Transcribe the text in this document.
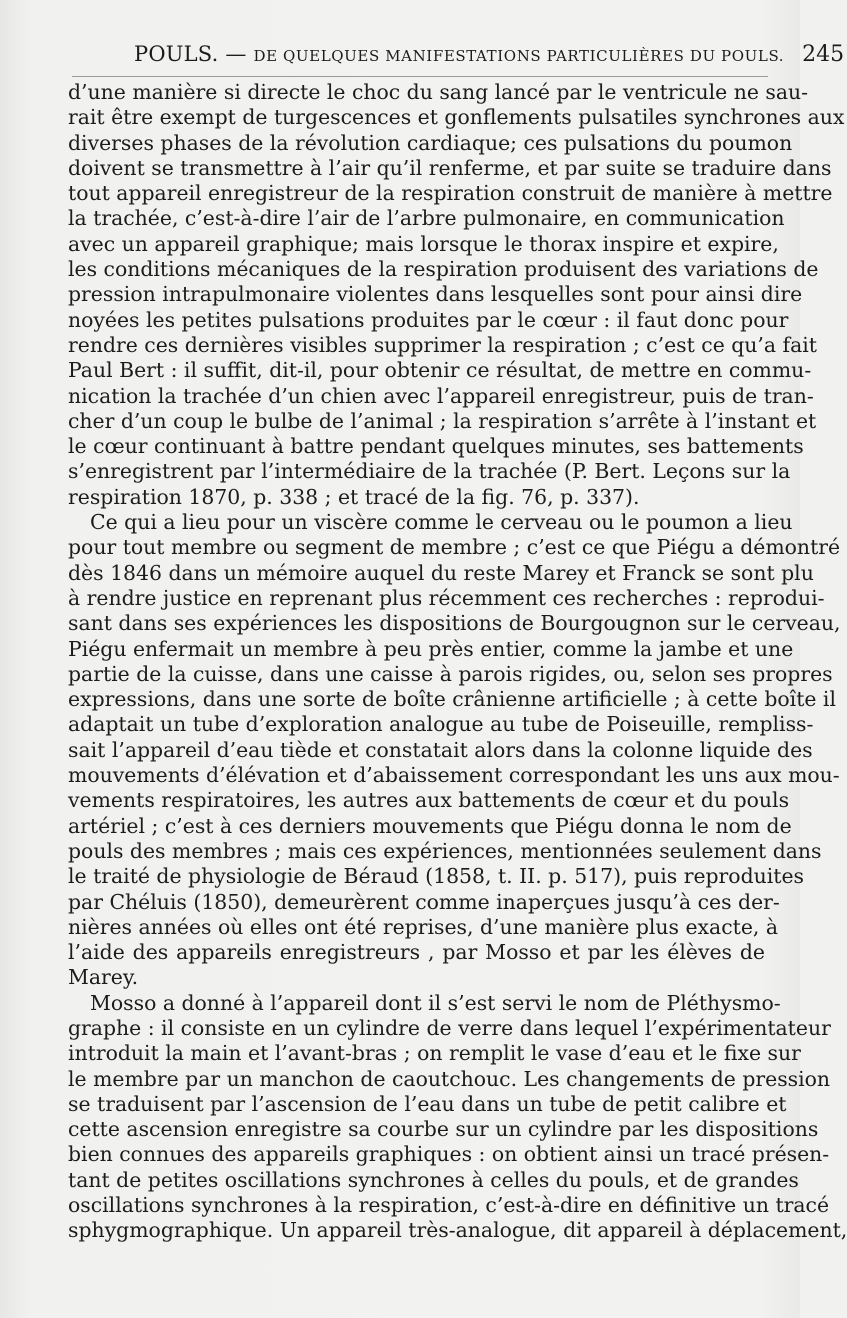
POULS. — DE QUELQUES MANIFESTATIONS PARTICULIÈRES DU POULS. 245
d’une manière si directe le choc du sang lancé par le ventricule ne sau-
rait être exempt de turgescences et gonflements pulsatiles synchrones aux
diverses phases de la révolution cardiaque; ces pulsations du poumon
doivent se transmettre à l’air qu’il renferme, et par suite se traduire dans
tout appareil enregistreur de la respiration construit de manière à mettre
la trachée, c’est-à-dire l’air de l’arbre pulmonaire, en communication
avec un appareil graphique; mais lorsque le thorax inspire et expire,
les conditions mécaniques de la respiration produisent des variations de
pression intrapulmonaire violentes dans lesquelles sont pour ainsi dire
noyées les petites pulsations produites par le cœur : il faut donc pour
rendre ces dernières visibles supprimer la respiration ; c’est ce qu’a fait
Paul Bert : il suffit, dit-il, pour obtenir ce résultat, de mettre en commu-
nication la trachée d’un chien avec l’appareil enregistreur, puis de tran-
cher d’un coup le bulbe de l’animal ; la respiration s’arrête à l’instant et
le cœur continuant à battre pendant quelques minutes, ses battements
s’enregistrent par l’intermédiaire de la trachée (P. Bert. Leçons sur la
respiration 1870, p. 338 ; et tracé de la fig. 76, p. 337).
Ce qui a lieu pour un viscère comme le cerveau ou le poumon a lieu
pour tout membre ou segment de membre ; c’est ce que Piégu a démontré
dès 1846 dans un mémoire auquel du reste Marey et Franck se sont plu
à rendre justice en reprenant plus récemment ces recherches : reprodui-
sant dans ses expériences les dispositions de Bourgougnon sur le cerveau,
Piégu enfermait un membre à peu près entier, comme la jambe et une
partie de la cuisse, dans une caisse à parois rigides, ou, selon ses propres
expressions, dans une sorte de boîte crânienne artificielle ; à cette boîte il
adaptait un tube d’exploration analogue au tube de Poiseuille, rempliss-
sait l’appareil d’eau tiède et constatait alors dans la colonne liquide des
mouvements d’élévation et d’abaissement correspondant les uns aux mou-
vements respiratoires, les autres aux battements de cœur et du pouls
artériel ; c’est à ces derniers mouvements que Piégu donna le nom de
pouls des membres ; mais ces expériences, mentionnées seulement dans
le traité de physiologie de Béraud (1858, t. II. p. 517), puis reproduites
par Chéluis (1850), demeurèrent comme inaperçues jusqu’à ces der-
nières années où elles ont été reprises, d’une manière plus exacte, à
l’aide des appareils enregistreurs , par Mosso et par les élèves de
Marey.
Mosso a donné à l’appareil dont il s’est servi le nom de Pléthysmo-
graphe : il consiste en un cylindre de verre dans lequel l’expérimentateur
introduit la main et l’avant-bras ; on remplit le vase d’eau et le fixe sur
le membre par un manchon de caoutchouc. Les changements de pression
se traduisent par l’ascension de l’eau dans un tube de petit calibre et
cette ascension enregistre sa courbe sur un cylindre par les dispositions
bien connues des appareils graphiques : on obtient ainsi un tracé présen-
tant de petites oscillations synchrones à celles du pouls, et de grandes
oscillations synchrones à la respiration, c’est-à-dire en définitive un tracé
sphygmographique. Un appareil très-analogue, dit appareil à déplacement,
